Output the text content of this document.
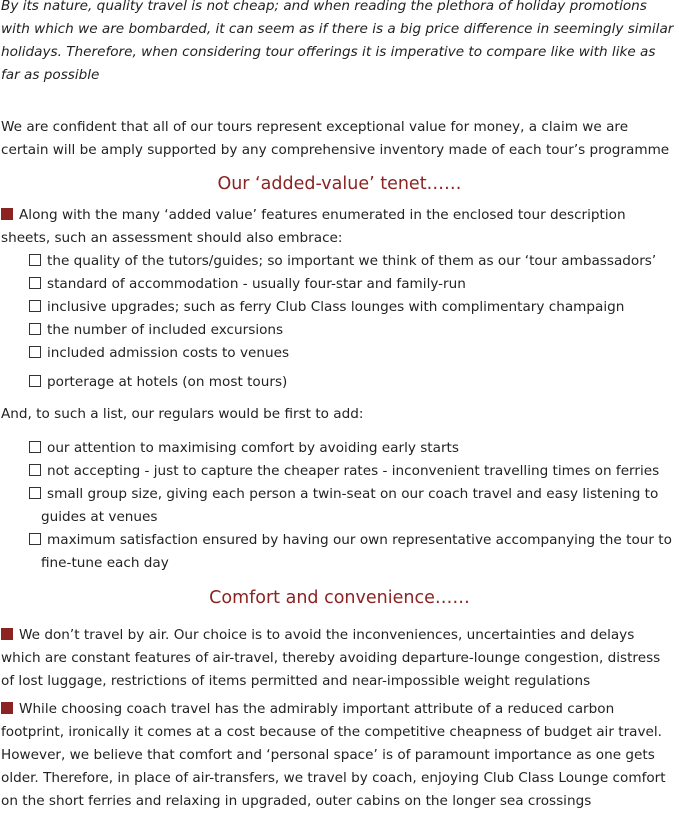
By its nature, quality travel is not cheap; and when reading the plethora of holiday promotions with which we are bombarded, it can seem as if there is a big price difference in seemingly similar holidays. Therefore, when considering tour offerings it is imperative to compare like with like as far as possible

We are confident that all of our tours represent exceptional value for money, a claim we are certain will be amply supported by any comprehensive inventory made of each tour’s programme

Our ‘added-value’ tenet……

Along with the many ‘added value’ features enumerated in the enclosed tour description sheets, such an assessment should also embrace:

the quality of the tutors/guides; so important we think of them as our ‘tour ambassadors’
standard of accommodation - usually four-star and family-run
inclusive upgrades; such as ferry Club Class lounges with complimentary champaign
the number of included excursions
included admission costs to venues
porterage at hotels (on most tours)

And, to such a list, our regulars would be first to add:

our attention to maximising comfort by avoiding early starts
not accepting - just to capture the cheaper rates - inconvenient travelling times on ferries
small group size, giving each person a twin-seat on our coach travel and easy listening to
guides at venues
maximum satisfaction ensured by having our own representative accompanying the tour to
fine-tune each day
Comfort and convenience……

We don’t travel by air. Our choice is to avoid the inconveniences, uncertainties and delays which are constant features of air-travel, thereby avoiding departure-lounge congestion, distress of lost luggage, restrictions of items permitted and near-impossible weight regulations

While choosing coach travel has the admirably important attribute of a reduced carbon footprint, ironically it comes at a cost because of the competitive cheapness of budget air travel. However, we believe that comfort and ‘personal space’ is of paramount importance as one gets older. Therefore, in place of air-transfers, we travel by coach, enjoying Club Class Lounge comfort on the short ferries and relaxing in upgraded, outer cabins on the longer sea crossings
